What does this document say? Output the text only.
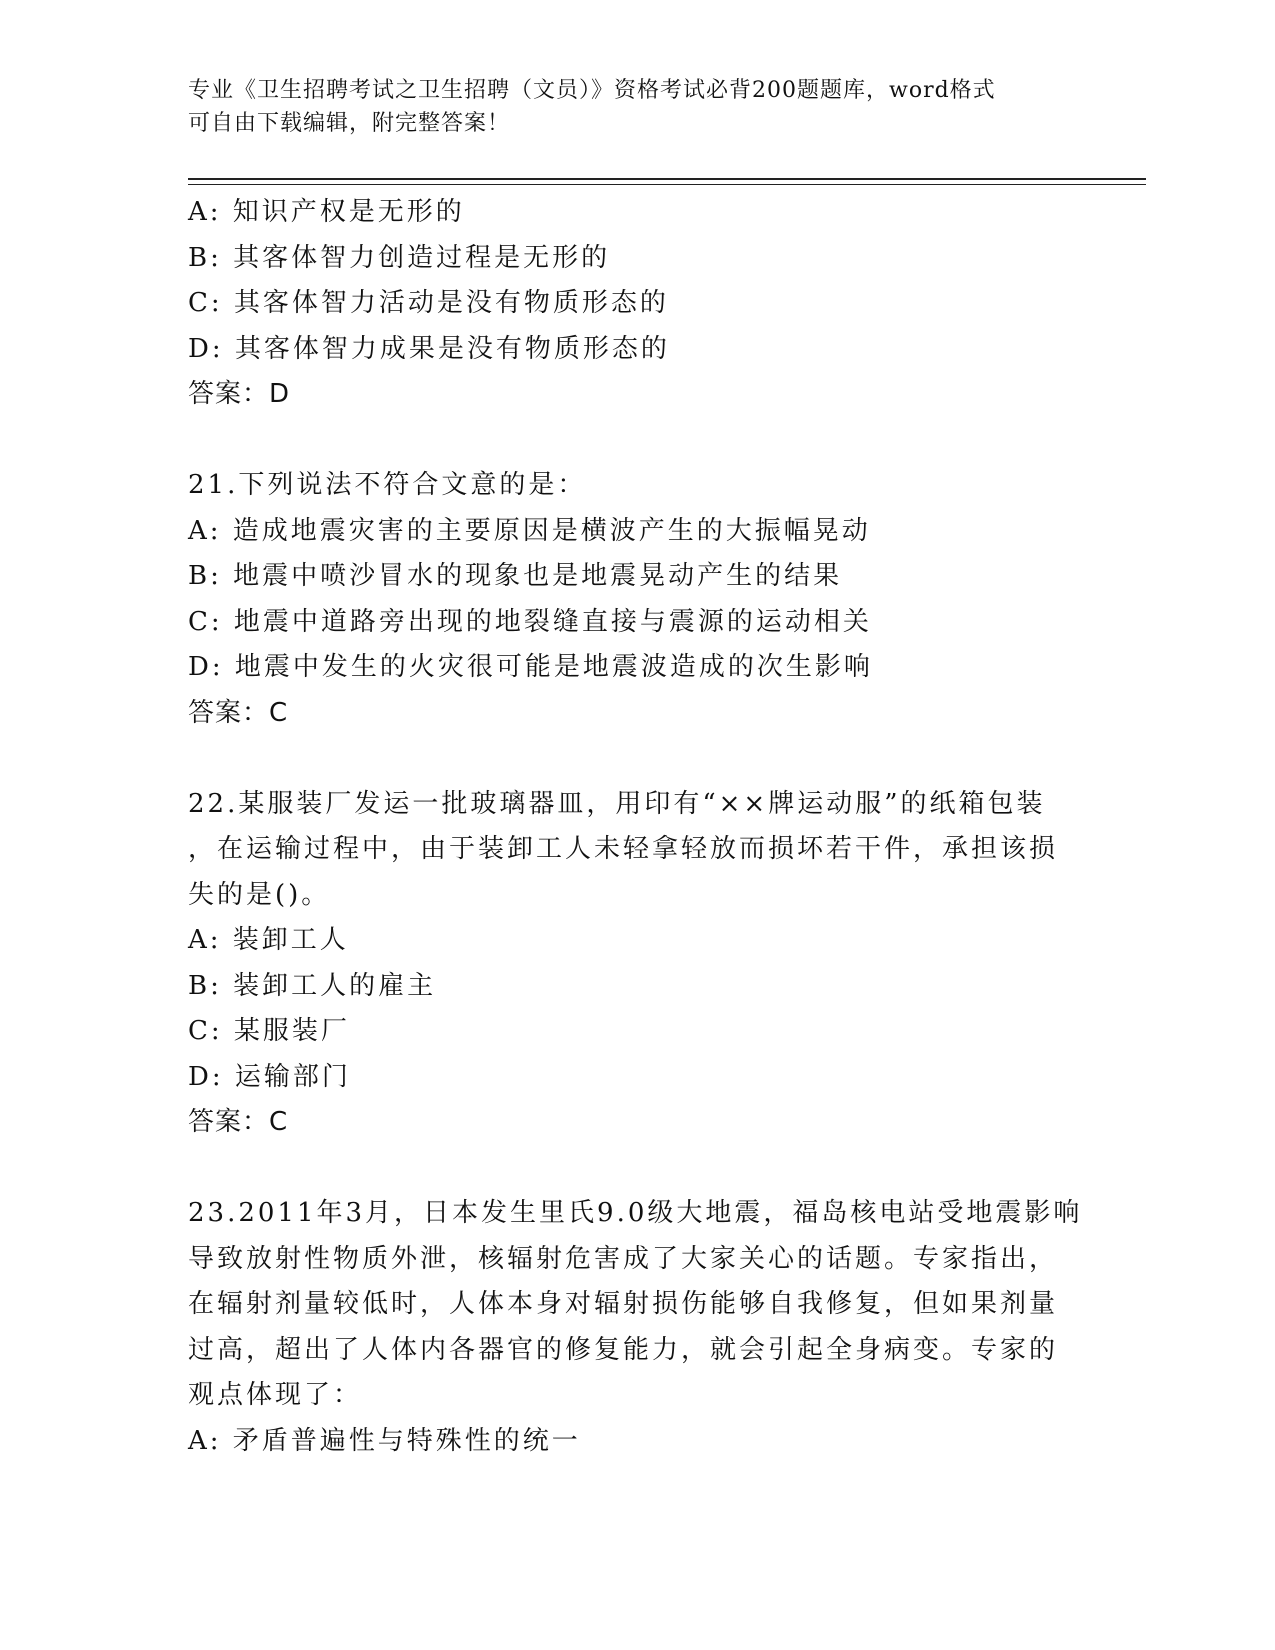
专业《卫生招聘考试之卫生招聘（文员）》资格考试必背200题题库，word格式
可自由下载编辑，附完整答案！
A: 知识产权是无形的
B: 其客体智力创造过程是无形的
C: 其客体智力活动是没有物质形态的
D: 其客体智力成果是没有物质形态的
答案：D
21.下列说法不符合文意的是：
A: 造成地震灾害的主要原因是横波产生的大振幅晃动
B: 地震中喷沙冒水的现象也是地震晃动产生的结果
C: 地震中道路旁出现的地裂缝直接与震源的运动相关
D: 地震中发生的火灾很可能是地震波造成的次生影响
答案：C
22.某服装厂发运一批玻璃器皿，用印有“××牌运动服”的纸箱包装
，在运输过程中，由于装卸工人未轻拿轻放而损坏若干件，承担该损
失的是()。
A: 装卸工人
B: 装卸工人的雇主
C: 某服装厂
D: 运输部门
答案：C
23.2011年3月，日本发生里氏9.0级大地震，福岛核电站受地震影响
导致放射性物质外泄，核辐射危害成了大家关心的话题。专家指出，
在辐射剂量较低时，人体本身对辐射损伤能够自我修复，但如果剂量
过高，超出了人体内各器官的修复能力，就会引起全身病变。专家的
观点体现了：
A: 矛盾普遍性与特殊性的统一
